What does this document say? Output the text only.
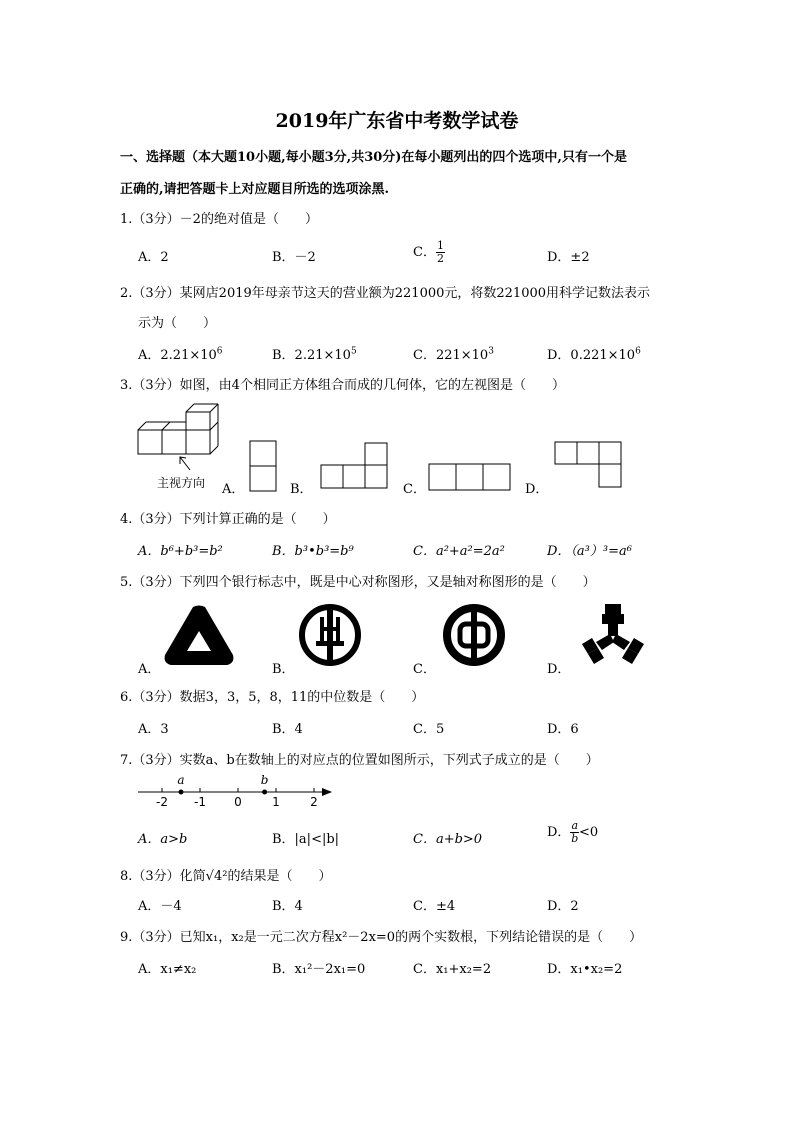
2019年广东省中考数学试卷
一、选择题（本大题10小题,每小题3分,共30分)在每小题列出的四个选项中,只有一个是
正确的,请把答题卡上对应题目所选的选项涂黑.
1.（3分）－2的绝对值是（　　）
A．2	B．－2	C． $\frac{1}{2}$	D．±2
2.（3分）某网店2019年母亲节这天的营业额为221000元，将数221000用科学记数法表示
示为（　　）
A．$2.21\times 10^6$	B．$2.21\times 10^5$	C．$221\times 10^3$	D．$0.221\times 10^6$
3.（3分）如图，由4个相同正方体组合而成的几何体，它的左视图是（　　）
主视方向 A．	B．	C．	D．
4.（3分）下列计算正确的是（　　）
A．b⁶+b³=b²	B．b³•b³=b⁹	C．a²+a²=2a²	D．（a³）³=a⁶
5.（3分）下列四个银行标志中，既是中心对称图形，又是轴对称图形的是（　　）
A．	B．	C．	D．
6.（3分）数据3，3，5，8，11的中位数是（　　）
A．3	B．4	C．5	D．6
7.（3分）实数a、b在数轴上的对应点的位置如图所示，下列式子成立的是（　　）
-2 -1 0	1	2
a	b
A．a>b	B．|a|<|b|	C．a+b>0	D． $\frac{a}{b} <0$
8.（3分）化简√4²的结果是（　　）
A．－4	B．4	C．±4	D．2
9.（3分）已知x₁，x₂是一元二次方程x²－2x=0的两个实数根，下列结论错误的是（　　）
A．x₁≠x₂	B．x₁²－2x₁=0	C．x₁+x₂=2	D．x₁•x₂=2
